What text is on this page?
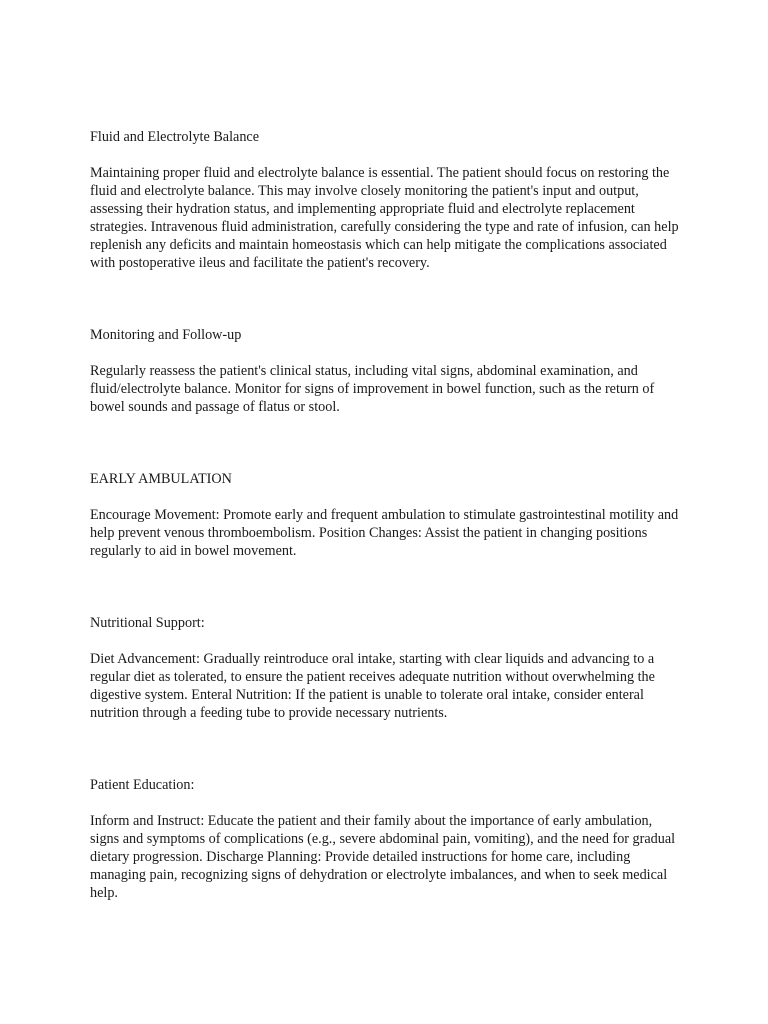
Fluid and Electrolyte Balance

Maintaining proper fluid and electrolyte balance is essential. The patient should focus on restoring the fluid and electrolyte balance. This may involve closely monitoring the patient's input and output, assessing their hydration status, and implementing appropriate fluid and electrolyte replacement strategies. Intravenous fluid administration, carefully considering the type and rate of infusion, can help replenish any deficits and maintain homeostasis which can help mitigate the complications associated with postoperative ileus and facilitate the patient's recovery.

Monitoring and Follow-up

Regularly reassess the patient's clinical status, including vital signs, abdominal examination, and fluid/electrolyte balance. Monitor for signs of improvement in bowel function, such as the return of bowel sounds and passage of flatus or stool.

EARLY AMBULATION

Encourage Movement: Promote early and frequent ambulation to stimulate gastrointestinal motility and help prevent venous thromboembolism. Position Changes: Assist the patient in changing positions regularly to aid in bowel movement.

Nutritional Support:

Diet Advancement: Gradually reintroduce oral intake, starting with clear liquids and advancing to a regular diet as tolerated, to ensure the patient receives adequate nutrition without overwhelming the digestive system. Enteral Nutrition: If the patient is unable to tolerate oral intake, consider enteral nutrition through a feeding tube to provide necessary nutrients.

Patient Education:

Inform and Instruct: Educate the patient and their family about the importance of early ambulation, signs and symptoms of complications (e.g., severe abdominal pain, vomiting), and the need for gradual dietary progression. Discharge Planning: Provide detailed instructions for home care, including managing pain, recognizing signs of dehydration or electrolyte imbalances, and when to seek medical help.
